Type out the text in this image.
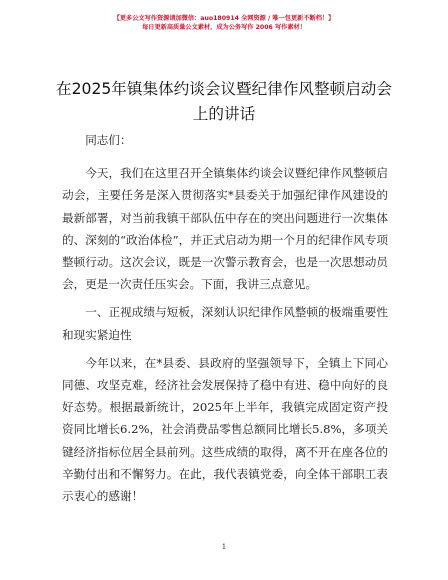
【更多公文写作资源请加微信：auo180914 全网资源 / 唯一包更新不断档！】
每日更新高质量公文素材，成为公务写作 2006 写作素材！
在2025年镇集体约谈会议暨纪律作风整顿启动会上的讲话

同志们：

今天，我们在这里召开全镇集体约谈会议暨纪律作风整顿启动会，主要任务是深入贯彻落实*县委关于加强纪律作风建设的最新部署，对当前我镇干部队伍中存在的突出问题进行一次集体的、深刻的“政治体检”，并正式启动为期一个月的纪律作风专项整顿行动。这次会议，既是一次警示教育会，也是一次思想动员会，更是一次责任压实会。下面，我讲三点意见。

一、正视成绩与短板，深刻认识纪律作风整顿的极端重要性和现实紧迫性

今年以来，在*县委、县政府的坚强领导下，全镇上下同心同德、攻坚克难，经济社会发展保持了稳中有进、稳中向好的良好态势。根据最新统计，2025年上半年，我镇完成固定资产投资同比增长6.2%，社会消费品零售总额同比增长5.8%，多项关键经济指标位居全县前列。这些成绩的取得，离不开在座各位的辛勤付出和不懈努力。在此，我代表镇党委，向全体干部职工表示衷心的感谢！

1
